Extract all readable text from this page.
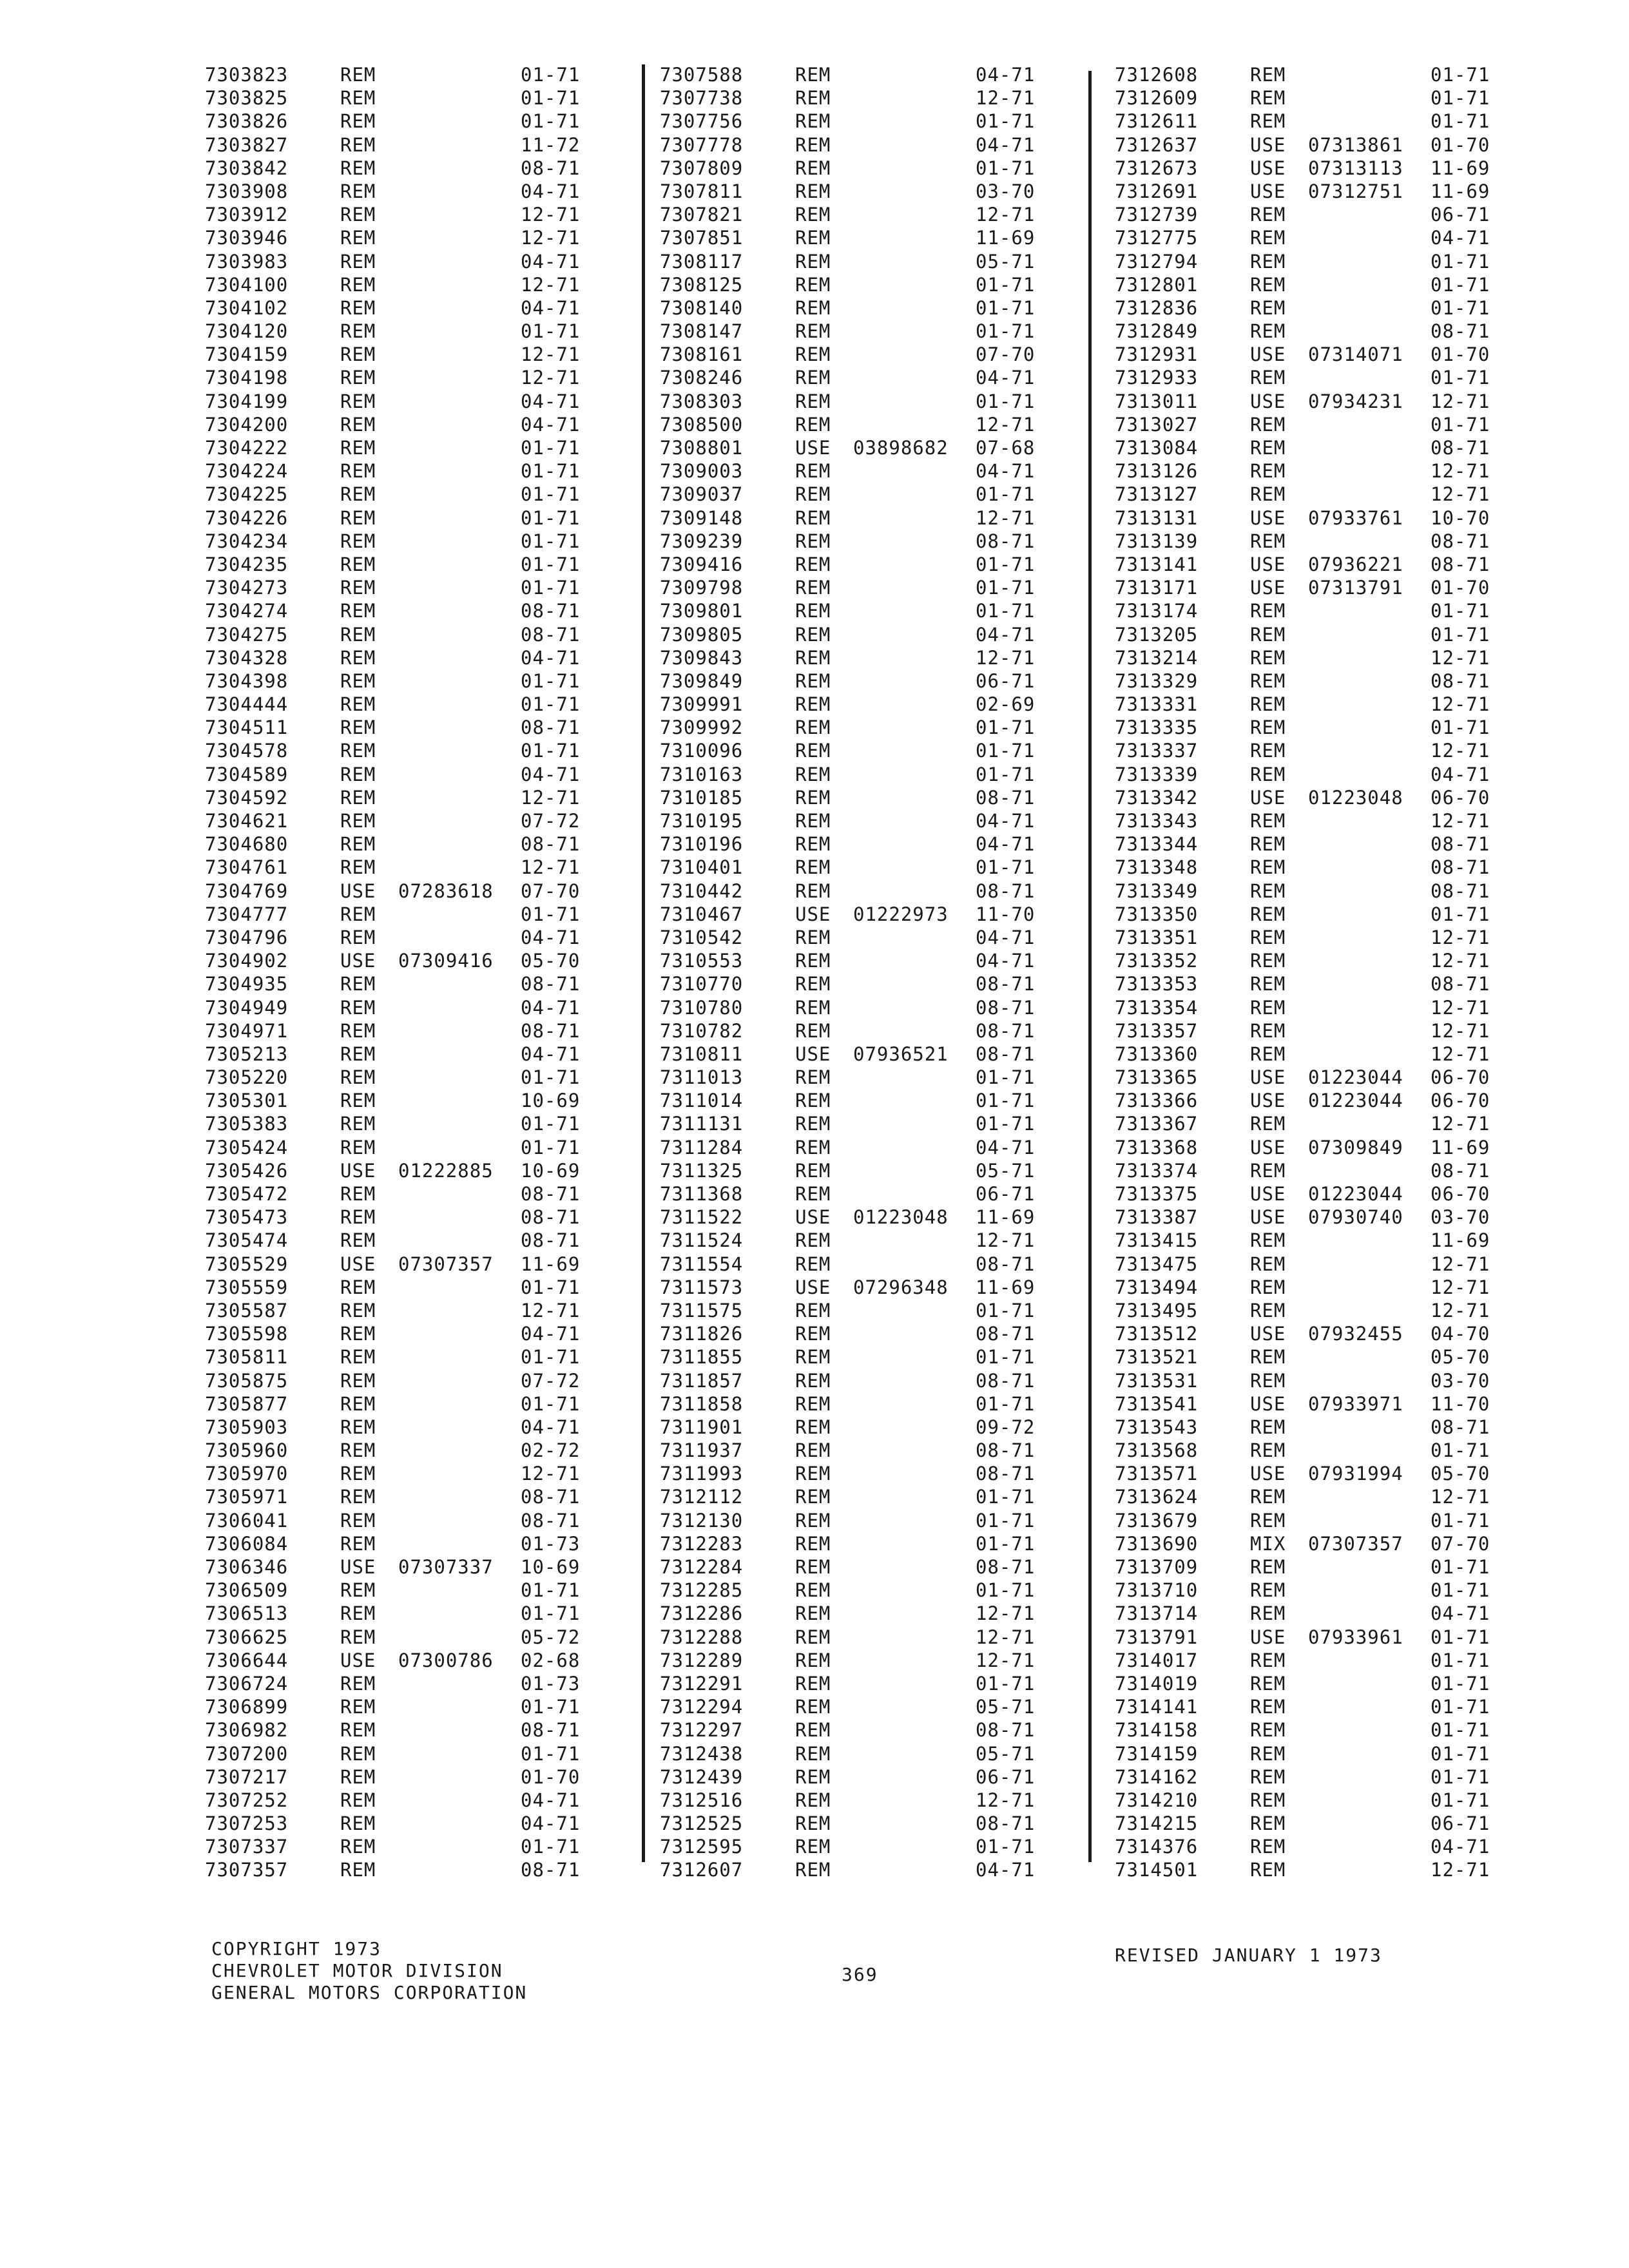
7303823	REM	01-71
7303825	REM	01-71
7303826	REM	01-71
7303827	REM	11-72
7303842	REM	08-71
7303908	REM	04-71
7303912	REM	12-71
7303946	REM	12-71
7303983	REM	04-71
7304100	REM	12-71
7304102	REM	04-71
7304120	REM	01-71
7304159	REM	12-71
7304198	REM	12-71
7304199	REM	04-71
7304200	REM	04-71
7304222	REM	01-71
7304224	REM	01-71
7304225	REM	01-71
7304226	REM	01-71
7304234	REM	01-71
7304235	REM	01-71
7304273	REM	01-71
7304274	REM	08-71
7304275	REM	08-71
7304328	REM	04-71
7304398	REM	01-71
7304444	REM	01-71
7304511	REM	08-71
7304578	REM	01-71
7304589	REM	04-71
7304592	REM	12-71
7304621	REM	07-72
7304680	REM	08-71
7304761	REM	12-71
7304769	USE 07283618 07-70
7304777	REM	01-71
7304796	REM	04-71
7304902	USE 07309416 05-70
7304935	REM	08-71
7304949	REM	04-71
7304971	REM	08-71
7305213	REM	04-71
7305220	REM	01-71
7305301	REM	10-69
7305383	REM	01-71
7305424	REM	01-71
7305426	USE 01222885 10-69
7305472	REM	08-71
7305473	REM	08-71
7305474	REM	08-71
7305529	USE 07307357 11-69
7305559	REM	01-71
7305587	REM	12-71
7305598	REM	04-71
7305811	REM	01-71
7305875	REM	07-72
7305877	REM	01-71
7305903	REM	04-71
7305960	REM	02-72
7305970	REM	12-71
7305971	REM	08-71
7306041	REM	08-71
7306084	REM	01-73
7306346	USE 07307337 10-69
7306509	REM	01-71
7306513	REM	01-71
7306625	REM	05-72
7306644	USE 07300786 02-68
7306724	REM	01-73
7306899	REM	01-71
7306982	REM	08-71
7307200	REM	01-71
7307217	REM	01-70
7307252	REM	04-71
7307253	REM	04-71
7307337	REM	01-71
7307357	REM	08-71
7307588	REM	04-71
7307738	REM	12-71
7307756	REM	01-71
7307778	REM	04-71
7307809	REM	01-71
7307811	REM	03-70
7307821	REM	12-71
7307851	REM	11-69
7308117	REM	05-71
7308125	REM	01-71
7308140	REM	01-71
7308147	REM	01-71
7308161	REM	07-70
7308246	REM	04-71
7308303	REM	01-71
7308500	REM	12-71
7308801	USE 03898682 07-68
7309003	REM	04-71
7309037	REM	01-71
7309148	REM	12-71
7309239	REM	08-71
7309416	REM	01-71
7309798	REM	01-71
7309801	REM	01-71
7309805	REM	04-71
7309843	REM	12-71
7309849	REM	06-71
7309991	REM	02-69
7309992	REM	01-71
7310096	REM	01-71
7310163	REM	01-71
7310185	REM	08-71
7310195	REM	04-71
7310196	REM	04-71
7310401	REM	01-71
7310442	REM	08-71
7310467	USE 01222973 11-70
7310542	REM	04-71
7310553	REM	04-71
7310770	REM	08-71
7310780	REM	08-71
7310782	REM	08-71
7310811	USE 07936521 08-71
7311013	REM	01-71
7311014	REM	01-71
7311131	REM	01-71
7311284	REM	04-71
7311325	REM	05-71
7311368	REM	06-71
7311522	USE 01223048 11-69
7311524	REM	12-71
7311554	REM	08-71
7311573	USE 07296348 11-69
7311575	REM	01-71
7311826	REM	08-71
7311855	REM	01-71
7311857	REM	08-71
7311858	REM	01-71
7311901	REM	09-72
7311937	REM	08-71
7311993	REM	08-71
7312112	REM	01-71
7312130	REM	01-71
7312283	REM	01-71
7312284	REM	08-71
7312285	REM	01-71
7312286	REM	12-71
7312288	REM	12-71
7312289	REM	12-71
7312291	REM	01-71
7312294	REM	05-71
7312297	REM	08-71
7312438	REM	05-71
7312439	REM	06-71
7312516	REM	12-71
7312525	REM	08-71
7312595	REM	01-71
7312607	REM	04-71
7312608	REM	01-71
7312609	REM	01-71
7312611	REM	01-71
7312637	USE 07313861 01-70
7312673	USE 07313113 11-69
7312691	USE 07312751 11-69
7312739	REM	06-71
7312775	REM	04-71
7312794	REM	01-71
7312801	REM	01-71
7312836	REM	01-71
7312849	REM	08-71
7312931	USE 07314071 01-70
7312933	REM	01-71
7313011	USE 07934231 12-71
7313027	REM	01-71
7313084	REM	08-71
7313126	REM	12-71
7313127	REM	12-71
7313131	USE 07933761 10-70
7313139	REM	08-71
7313141	USE 07936221 08-71
7313171	USE 07313791 01-70
7313174	REM	01-71
7313205	REM	01-71
7313214	REM	12-71
7313329	REM	08-71
7313331	REM	12-71
7313335	REM	01-71
7313337	REM	12-71
7313339	REM	04-71
7313342	USE 01223048 06-70
7313343	REM	12-71
7313344	REM	08-71
7313348	REM	08-71
7313349	REM	08-71
7313350	REM	01-71
7313351	REM	12-71
7313352	REM	12-71
7313353	REM	08-71
7313354	REM	12-71
7313357	REM	12-71
7313360	REM	12-71
7313365	USE 01223044 06-70
7313366	USE 01223044 06-70
7313367	REM	12-71
7313368	USE 07309849 11-69
7313374	REM	08-71
7313375	USE 01223044 06-70
7313387	USE 07930740 03-70
7313415	REM	11-69
7313475	REM	12-71
7313494	REM	12-71
7313495	REM	12-71
7313512	USE 07932455 04-70
7313521	REM	05-70
7313531	REM	03-70
7313541	USE 07933971 11-70
7313543	REM	08-71
7313568	REM	01-71
7313571	USE 07931994 05-70
7313624	REM	12-71
7313679	REM	01-71
7313690	MIX 07307357 07-70
7313709	REM	01-71
7313710	REM	01-71
7313714	REM	04-71
7313791	USE 07933961 01-71
7314017	REM	01-71
7314019	REM	01-71
7314141	REM	01-71
7314158	REM	01-71
7314159	REM	01-71
7314162	REM	01-71
7314210	REM	01-71
7314215	REM	06-71
7314376	REM	04-71
7314501	REM	12-71
COPYRIGHT 1973
CHEVROLET MOTOR DIVISION
GENERAL MOTORS CORPORATION
369
REVISED JANUARY 1 1973
